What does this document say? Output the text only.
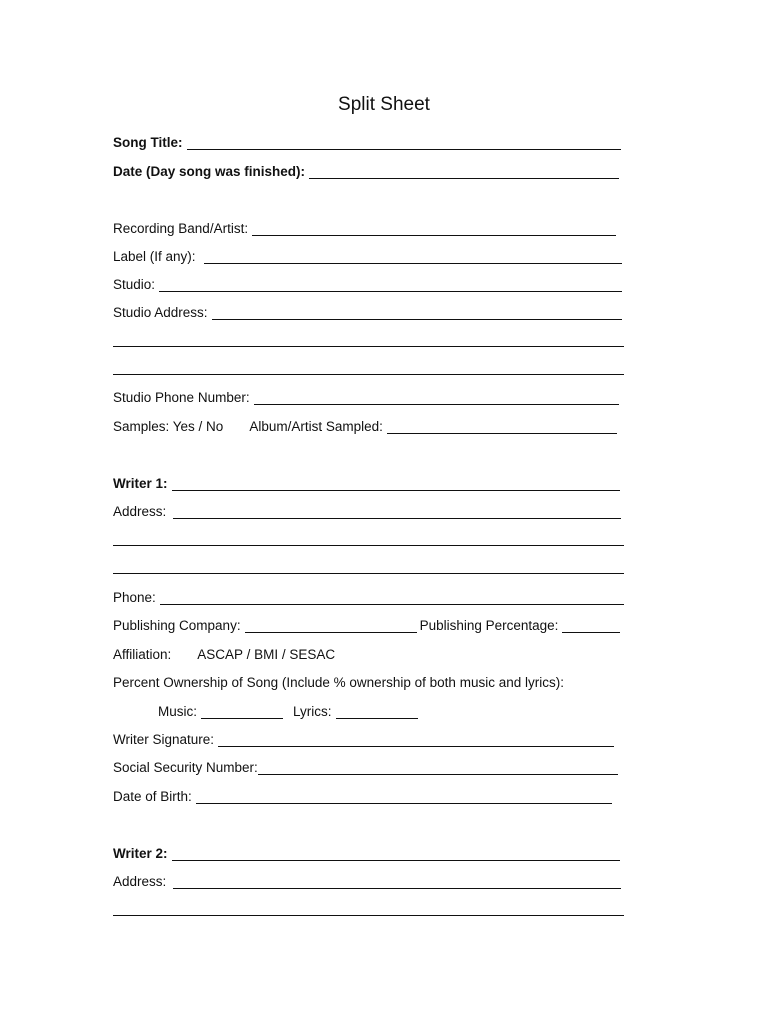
Split Sheet
Song Title:
Date (Day song was finished):
Recording Band/Artist:
Label (If any):
Studio:
Studio Address:
Studio Phone Number:
Samples: Yes / No Album/Artist Sampled:
Writer 1:
Address:
Phone:
Publishing Company:	Publishing Percentage:
Affiliation: ASCAP / BMI / SESAC
Percent Ownership of Song (Include % ownership of both music and lyrics):
Music:	Lyrics:
Writer Signature:
Social Security Number:
Date of Birth:
Writer 2:
Address:
